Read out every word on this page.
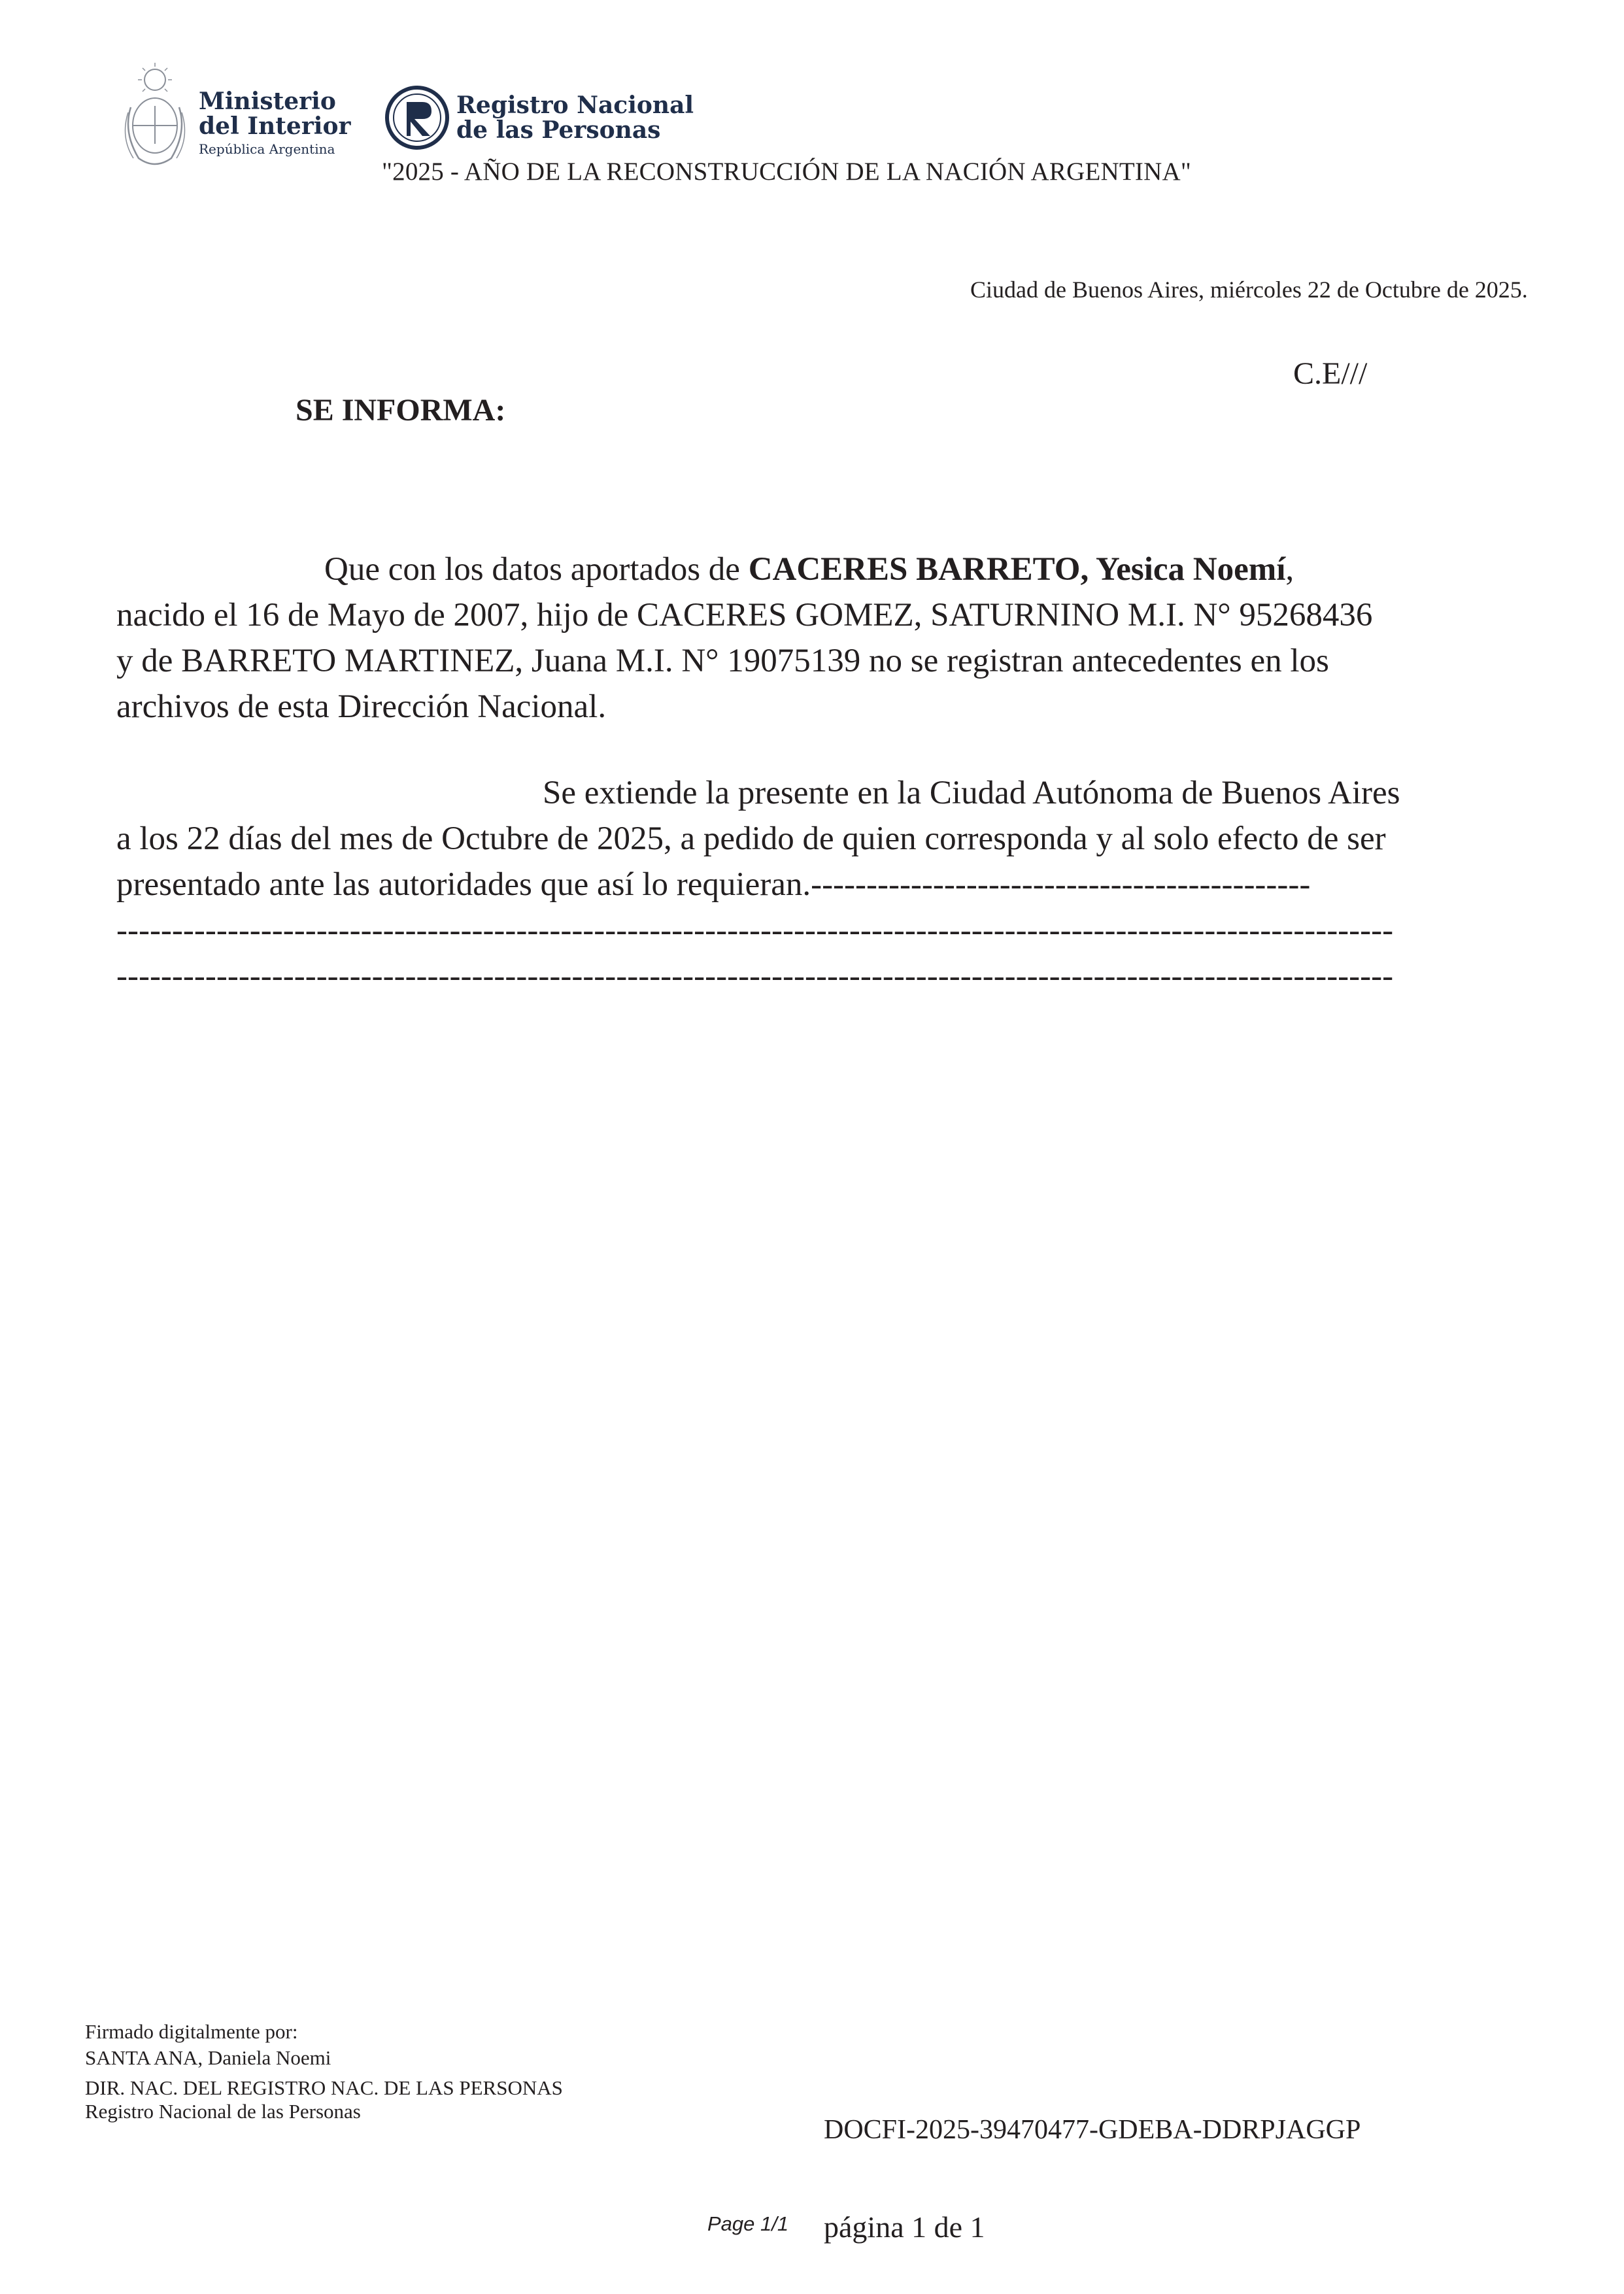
Ministerio
del Interior
República Argentina
Registro Nacional
de las Personas
"2025 - AÑO DE LA RECONSTRUCCIÓN DE LA NACIÓN ARGENTINA"
Ciudad de Buenos Aires, miércoles 22 de Octubre de 2025.
C.E///
SE INFORMA:
Que con los datos aportados de CACERES BARRETO, Yesica Noemí,
nacido el 16 de Mayo de 2007, hijo de CACERES GOMEZ, SATURNINO M.I. N° 95268436
y de BARRETO MARTINEZ, Juana M.I. N° 19075139 no se registran antecedentes en los
archivos de esta Dirección Nacional.
Se extiende la presente en la Ciudad Autónoma de Buenos Aires
a los 22 días del mes de Octubre de 2025, a pedido de quien corresponda y al solo efecto de ser
presentado ante las autoridades que así lo requieran.---------------------------------------------
-------------------------------------------------------------------------------------------------------------------
-------------------------------------------------------------------------------------------------------------------
Firmado digitalmente por:
SANTA ANA, Daniela Noemi
DIR. NAC. DEL REGISTRO NAC. DE LAS PERSONAS
Registro Nacional de las Personas
DOCFI-2025-39470477-GDEBA-DDRPJAGGP
Page 1/1 página 1 de 1
